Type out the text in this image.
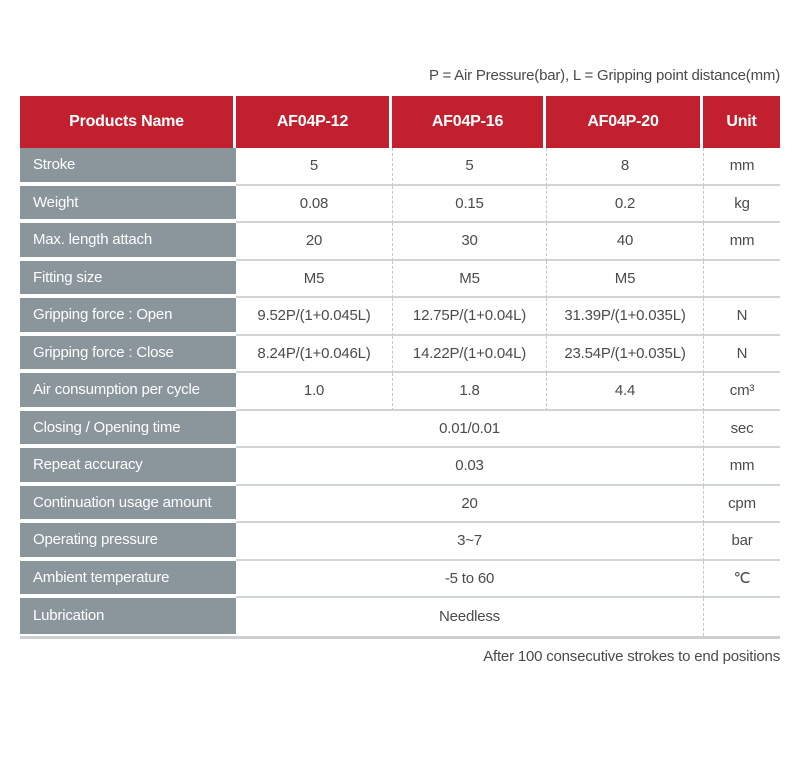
P = Air Pressure(bar), L = Gripping point distance(mm)
Products Name	AF04P-12	AF04P-16	AF04P-20	Unit
Stroke	5	5	8	mm
Weight	0.08	0.15	0.2	kg
Max. length attach	20	30	40	mm
Fitting size	M5	M5	M5
Gripping force : Open	9.52P/(1+0.045L)	12.75P/(1+0.04L)	31.39P/(1+0.035L)	N
Gripping force : Close	8.24P/(1+0.046L)	14.22P/(1+0.04L)	23.54P/(1+0.035L)	N
Air consumption per cycle	1.0	1.8	4.4	cm³
Closing / Opening time	0.01/0.01	sec
Repeat accuracy	0.03	mm
Continuation usage amount	20	cpm
Operating pressure	3~7	bar
Ambient temperature	-5 to 60	℃
Lubrication	Needless
After 100 consecutive strokes to end positions
